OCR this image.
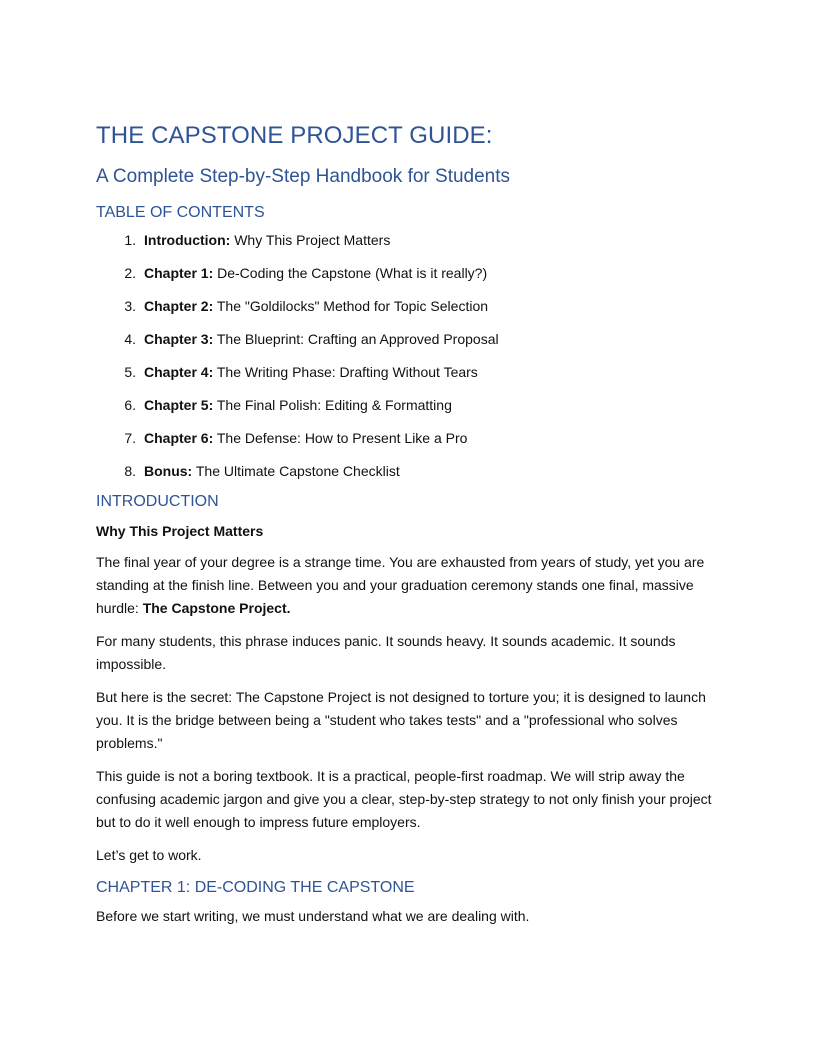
THE CAPSTONE PROJECT GUIDE:
A Complete Step-by-Step Handbook for Students
TABLE OF CONTENTS
1. Introduction: Why This Project Matters
2. Chapter 1: De-Coding the Capstone (What is it really?)
3. Chapter 2: The "Goldilocks" Method for Topic Selection
4. Chapter 3: The Blueprint: Crafting an Approved Proposal
5. Chapter 4: The Writing Phase: Drafting Without Tears
6. Chapter 5: The Final Polish: Editing & Formatting
7. Chapter 6: The Defense: How to Present Like a Pro
8. Bonus: The Ultimate Capstone Checklist
INTRODUCTION

Why This Project Matters

The final year of your degree is a strange time. You are exhausted from years of study, yet you are standing at the finish line. Between you and your graduation ceremony stands one final, massive hurdle: The Capstone Project.

For many students, this phrase induces panic. It sounds heavy. It sounds academic. It sounds impossible.

But here is the secret: The Capstone Project is not designed to torture you; it is designed to launch you. It is the bridge between being a "student who takes tests" and a "professional who solves problems."

This guide is not a boring textbook. It is a practical, people-first roadmap. We will strip away the confusing academic jargon and give you a clear, step-by-step strategy to not only finish your project but to do it well enough to impress future employers.

Let’s get to work.

CHAPTER 1: DE-CODING THE CAPSTONE

Before we start writing, we must understand what we are dealing with.
